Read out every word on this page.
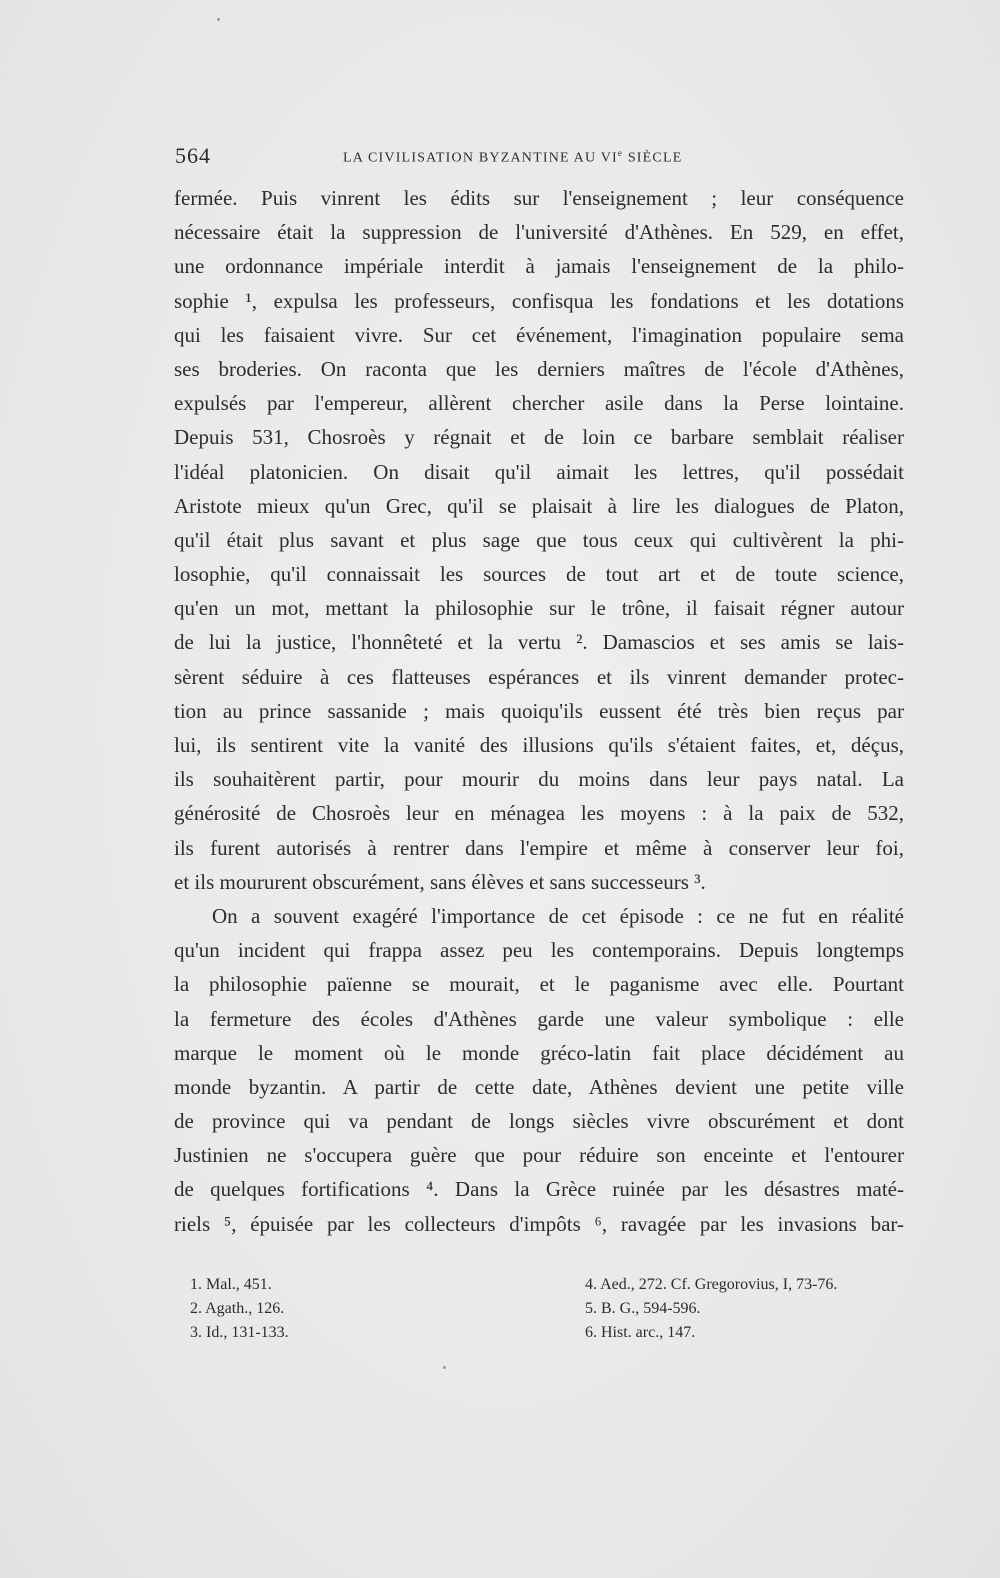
564	LA CIVILISATION BYZANTINE AU VIe SIÈCLE
fermée. Puis vinrent les édits sur l'enseignement ; leur conséquence
nécessaire était la suppression de l'université d'Athènes. En 529, en effet,
une ordonnance impériale interdit à jamais l'enseignement de la philo-
sophie ¹, expulsa les professeurs, confisqua les fondations et les dotations
qui les faisaient vivre. Sur cet événement, l'imagination populaire sema
ses broderies. On raconta que les derniers maîtres de l'école d'Athènes,
expulsés par l'empereur, allèrent chercher asile dans la Perse lointaine.
Depuis 531, Chosroès y régnait et de loin ce barbare semblait réaliser
l'idéal platonicien. On disait qu'il aimait les lettres, qu'il possédait
Aristote mieux qu'un Grec, qu'il se plaisait à lire les dialogues de Platon,
qu'il était plus savant et plus sage que tous ceux qui cultivèrent la phi-
losophie, qu'il connaissait les sources de tout art et de toute science,
qu'en un mot, mettant la philosophie sur le trône, il faisait régner autour
de lui la justice, l'honnêteté et la vertu ². Damascios et ses amis se lais-
sèrent séduire à ces flatteuses espérances et ils vinrent demander protec-
tion au prince sassanide ; mais quoiqu'ils eussent été très bien reçus par
lui, ils sentirent vite la vanité des illusions qu'ils s'étaient faites, et, déçus,
ils souhaitèrent partir, pour mourir du moins dans leur pays natal. La
générosité de Chosroès leur en ménagea les moyens : à la paix de 532,
ils furent autorisés à rentrer dans l'empire et même à conserver leur foi,
et ils moururent obscurément, sans élèves et sans successeurs ³.
On a souvent exagéré l'importance de cet épisode : ce ne fut en réalité
qu'un incident qui frappa assez peu les contemporains. Depuis longtemps
la philosophie païenne se mourait, et le paganisme avec elle. Pourtant
la fermeture des écoles d'Athènes garde une valeur symbolique : elle
marque le moment où le monde gréco-latin fait place décidément au
monde byzantin. A partir de cette date, Athènes devient une petite ville
de province qui va pendant de longs siècles vivre obscurément et dont
Justinien ne s'occupera guère que pour réduire son enceinte et l'entourer
de quelques fortifications ⁴. Dans la Grèce ruinée par les désastres maté-
riels ⁵, épuisée par les collecteurs d'impôts ⁶, ravagée par les invasions bar-
1. Mal., 451.
2. Agath., 126.
3. Id., 131-133.
4. Aed., 272. Cf. Gregorovius, I, 73-76.
5. B. G., 594-596.
6. Hist. arc., 147.
